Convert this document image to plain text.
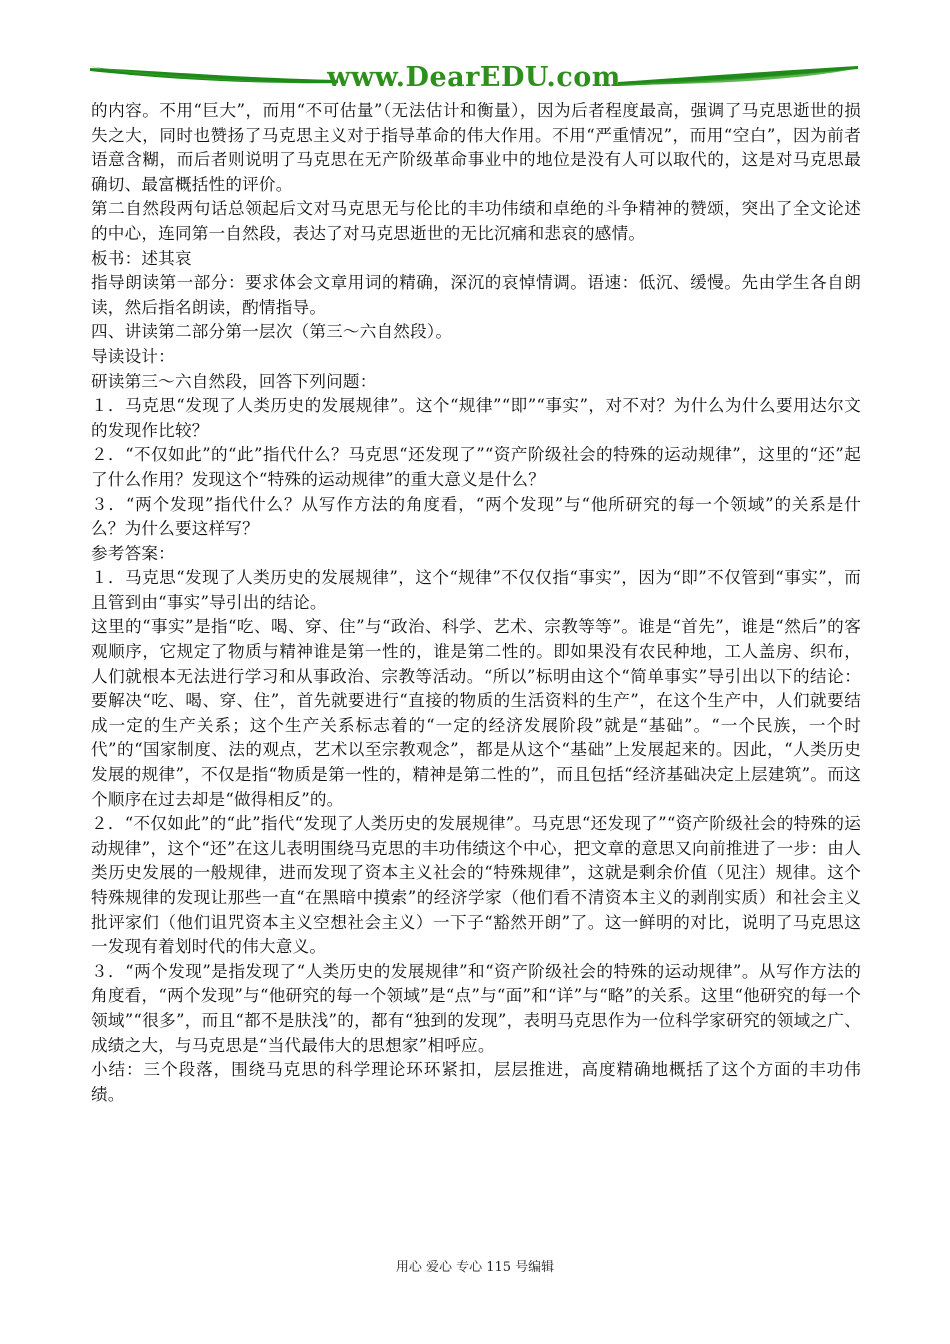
www.DearEDU.com

的内容。不用“巨大”，而用“不可估量”（无法估计和衡量），因为后者程度最高，强调了马克思逝世的损失之大，同时也赞扬了马克思主义对于指导革命的伟大作用。不用“严重情况”，而用“空白”，因为前者语意含糊，而后者则说明了马克思在无产阶级革命事业中的地位是没有人可以取代的，这是对马克思最确切、最富概括性的评价。

第二自然段两句话总领起后文对马克思无与伦比的丰功伟绩和卓绝的斗争精神的赞颂，突出了全文论述的中心，连同第一自然段，表达了对马克思逝世的无比沉痛和悲哀的感情。

板书：述其哀

指导朗读第一部分：要求体会文章用词的精确，深沉的哀悼情调。语速：低沉、缓慢。先由学生各自朗读，然后指名朗读，酌情指导。

四、讲读第二部分第一层次（第三～六自然段）。

导读设计：

研读第三～六自然段，回答下列问题：

１．马克思“发现了人类历史的发展规律”。这个“规律”“即”“事实”，对不对？为什么为什么要用达尔文的发现作比较？

２．“不仅如此”的“此”指代什么？马克思“还发现了”“资产阶级社会的特殊的运动规律”，这里的“还”起了什么作用？发现这个“特殊的运动规律”的重大意义是什么？

３．“两个发现”指代什么？从写作方法的角度看，“两个发现”与“他所研究的每一个领域”的关系是什么？为什么要这样写？

参考答案：

１．马克思“发现了人类历史的发展规律”，这个“规律”不仅仅指“事实”，因为“即”不仅管到“事实”，而且管到由“事实”导引出的结论。

这里的“事实”是指“吃、喝、穿、住”与“政治、科学、艺术、宗教等等”。谁是“首先”，谁是“然后”的客观顺序，它规定了物质与精神谁是第一性的，谁是第二性的。即如果没有农民种地，工人盖房、织布，人们就根本无法进行学习和从事政治、宗教等活动。“所以”标明由这个“简单事实”导引出以下的结论：要解决“吃、喝、穿、住”，首先就要进行“直接的物质的生活资料的生产”，在这个生产中，人们就要结成一定的生产关系；这个生产关系标志着的“一定的经济发展阶段”就是“基础”。“一个民族，一个时代”的“国家制度、法的观点，艺术以至宗教观念”，都是从这个“基础”上发展起来的。因此，“人类历史发展的规律”，不仅是指“物质是第一性的，精神是第二性的”，而且包括“经济基础决定上层建筑”。而这个顺序在过去却是“做得相反”的。

２．“不仅如此”的“此”指代“发现了人类历史的发展规律”。马克思“还发现了”“资产阶级社会的特殊的运动规律”，这个“还”在这儿表明围绕马克思的丰功伟绩这个中心，把文章的意思又向前推进了一步：由人类历史发展的一般规律，进而发现了资本主义社会的“特殊规律”，这就是剩余价值（见注）规律。这个特殊规律的发现让那些一直“在黑暗中摸索”的经济学家（他们看不清资本主义的剥削实质）和社会主义批评家们（他们诅咒资本主义空想社会主义）一下子“豁然开朗”了。这一鲜明的对比，说明了马克思这一发现有着划时代的伟大意义。

３．“两个发现”是指发现了“人类历史的发展规律”和“资产阶级社会的特殊的运动规律”。从写作方法的角度看，“两个发现”与“他研究的每一个领域”是“点”与“面”和“详”与“略”的关系。这里“他研究的每一个领域”“很多”，而且“都不是肤浅”的，都有“独到的发现”，表明马克思作为一位科学家研究的领域之广、成绩之大，与马克思是“当代最伟大的思想家”相呼应。

小结：三个段落，围绕马克思的科学理论环环紧扣，层层推进，高度精确地概括了这个方面的丰功伟绩。

用心 爱心 专心 115 号编辑
